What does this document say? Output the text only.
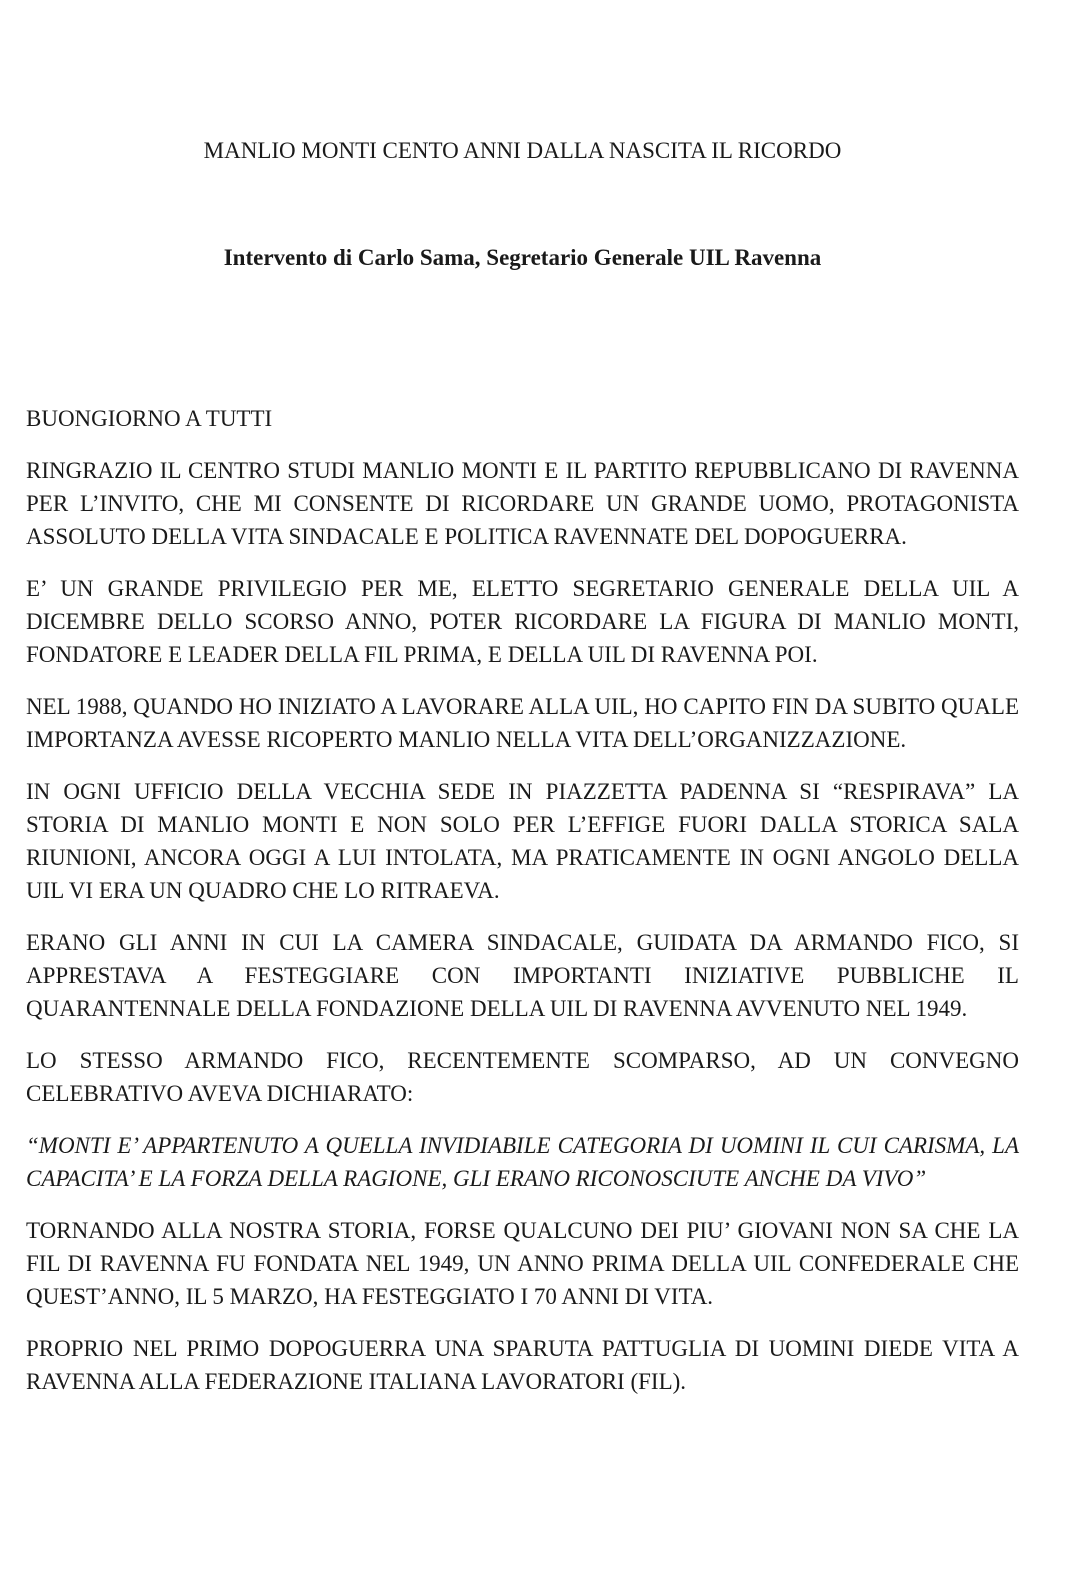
MANLIO MONTI CENTO ANNI DALLA NASCITA IL RICORDO
Intervento di Carlo Sama, Segretario Generale UIL Ravenna

BUONGIORNO A TUTTI

RINGRAZIO IL CENTRO STUDI MANLIO MONTI E IL PARTITO REPUBBLICANO DI RAVENNA PER L’INVITO, CHE MI CONSENTE DI RICORDARE UN GRANDE UOMO, PROTAGONISTA ASSOLUTO DELLA VITA SINDACALE E POLITICA RAVENNATE DEL DOPOGUERRA.

E’ UN GRANDE PRIVILEGIO PER ME, ELETTO SEGRETARIO GENERALE DELLA UIL A DICEMBRE DELLO SCORSO ANNO, POTER RICORDARE LA FIGURA DI MANLIO MONTI, FONDATORE E LEADER DELLA FIL PRIMA, E DELLA UIL DI RAVENNA POI.

NEL 1988, QUANDO HO INIZIATO A LAVORARE ALLA UIL, HO CAPITO FIN DA SUBITO QUALE IMPORTANZA AVESSE RICOPERTO MANLIO NELLA VITA DELL’ORGANIZZAZIONE.

IN OGNI UFFICIO DELLA VECCHIA SEDE IN PIAZZETTA PADENNA SI “RESPIRAVA” LA STORIA DI MANLIO MONTI E NON SOLO PER L’EFFIGE FUORI DALLA STORICA SALA RIUNIONI, ANCORA OGGI A LUI INTOLATA, MA PRATICAMENTE IN OGNI ANGOLO DELLA UIL VI ERA UN QUADRO CHE LO RITRAEVA.

ERANO GLI ANNI IN CUI LA CAMERA SINDACALE, GUIDATA DA ARMANDO FICO, SI APPRESTAVA A FESTEGGIARE CON IMPORTANTI INIZIATIVE PUBBLICHE IL QUARANTENNALE DELLA FONDAZIONE DELLA UIL DI RAVENNA AVVENUTO NEL 1949.

LO STESSO ARMANDO FICO, RECENTEMENTE SCOMPARSO, AD UN CONVEGNO CELEBRATIVO AVEVA DICHIARATO:

“MONTI E’ APPARTENUTO A QUELLA INVIDIABILE CATEGORIA DI UOMINI IL CUI CARISMA, LA CAPACITA’ E LA FORZA DELLA RAGIONE, GLI ERANO RICONOSCIUTE ANCHE DA VIVO”

TORNANDO ALLA NOSTRA STORIA, FORSE QUALCUNO DEI PIU’ GIOVANI NON SA CHE LA FIL DI RAVENNA FU FONDATA NEL 1949, UN ANNO PRIMA DELLA UIL CONFEDERALE CHE QUEST’ANNO, IL 5 MARZO, HA FESTEGGIATO I 70 ANNI DI VITA.

PROPRIO NEL PRIMO DOPOGUERRA UNA SPARUTA PATTUGLIA DI UOMINI DIEDE VITA A RAVENNA ALLA FEDERAZIONE ITALIANA LAVORATORI (FIL).
